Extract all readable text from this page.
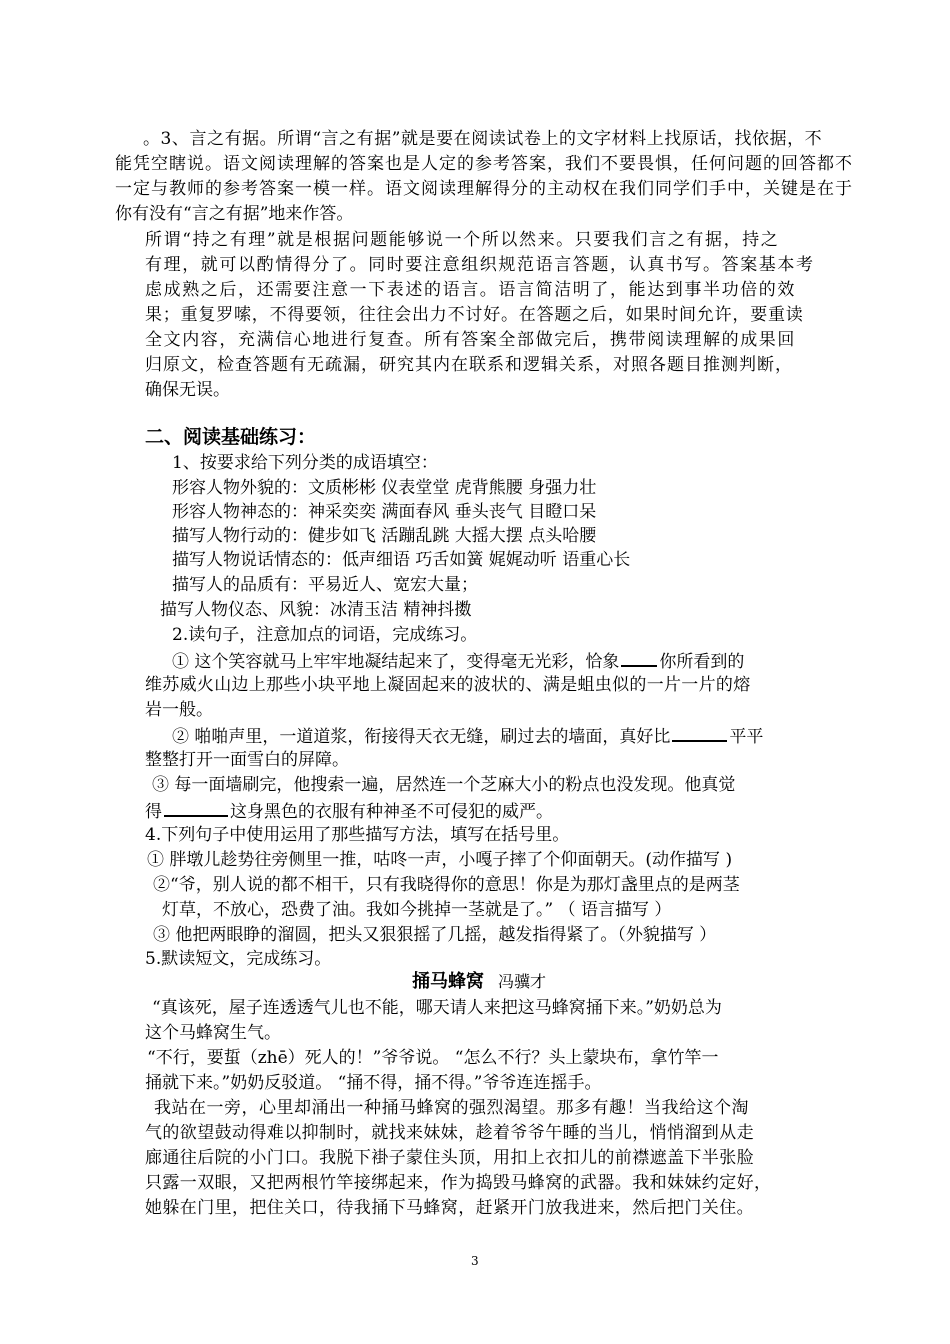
。3、言之有据。所谓“言之有据”就是要在阅读试卷上的文字材料上找原话，找依据，不
能凭空瞎说。语文阅读理解的答案也是人定的参考答案，我们不要畏惧，任何问题的回答都不
一定与教师的参考答案一模一样。语文阅读理解得分的主动权在我们同学们手中，关键是在于
你有没有“言之有据”地来作答。
所谓“持之有理”就是根据问题能够说一个所以然来。只要我们言之有据，持之
有理，就可以酌情得分了。同时要注意组织规范语言答题，认真书写。答案基本考
虑成熟之后，还需要注意一下表述的语言。语言简洁明了，能达到事半功倍的效
果；重复罗嗦，不得要领，往往会出力不讨好。在答题之后，如果时间允许，要重读
全文内容，充满信心地进行复查。所有答案全部做完后，携带阅读理解的成果回
归原文，检查答题有无疏漏，研究其内在联系和逻辑关系，对照各题目推测判断，
确保无误。
二、阅读基础练习：
1、按要求给下列分类的成语填空：
形容人物外貌的：文质彬彬 仪表堂堂 虎背熊腰 身强力壮
形容人物神态的：神采奕奕 满面春风 垂头丧气 目瞪口呆
描写人物行动的：健步如飞 活蹦乱跳 大摇大摆 点头哈腰
描写人物说话情态的：低声细语 巧舌如簧 娓娓动听 语重心长
描写人的品质有：平易近人、宽宏大量；
描写人物仪态、风貌：冰清玉洁 精神抖擞
2.读句子，注意加点的词语，完成练习。
① 这个笑容就马上牢牢地凝结起来了，变得毫无光彩，恰象 你所看到的
维苏威火山边上那些小块平地上凝固起来的波状的、满是蛆虫似的一片一片的熔
岩一般。
② 啪啪声里，一道道浆，衔接得天衣无缝，刷过去的墙面，真好比	平平
整整打开一面雪白的屏障。
③ 每一面墙刷完，他搜索一遍，居然连一个芝麻大小的粉点也没发现。他真觉
得	这身黑色的衣服有种神圣不可侵犯的威严。
4.下列句子中使用运用了那些描写方法，填写在括号里。
① 胖墩儿趁势往旁侧里一推，咕咚一声，小嘎子摔了个仰面朝天。(动作描写 )
②“爷，别人说的都不相干，只有我晓得你的意思！你是为那灯盏里点的是两茎
灯草，不放心，恐费了油。我如今挑掉一茎就是了。” （ 语言描写 ）
③ 他把两眼睁的溜圆，把头又狠狠摇了几摇，越发指得紧了。（外貌描写 ）
5.默读短文，完成练习。
捅马蜂窝 冯骥才
“真该死，屋子连透透气儿也不能，哪天请人来把这马蜂窝捅下来。”奶奶总为
这个马蜂窝生气。
“不行，要蜇（zhē）死人的！”爷爷说。 “怎么不行？头上蒙块布，拿竹竿一
捅就下来。”奶奶反驳道。 “捅不得，捅不得。”爷爷连连摇手。
我站在一旁，心里却涌出一种捅马蜂窝的强烈渴望。那多有趣！当我给这个淘
气的欲望鼓动得难以抑制时，就找来妹妹，趁着爷爷午睡的当儿，悄悄溜到从走
廊通往后院的小门口。我脱下褂子蒙住头顶，用扣上衣扣儿的前襟遮盖下半张脸
只露一双眼，又把两根竹竿接绑起来，作为捣毁马蜂窝的武器。我和妹妹约定好，
她躲在门里，把住关口，待我捅下马蜂窝，赶紧开门放我进来，然后把门关住。
3
